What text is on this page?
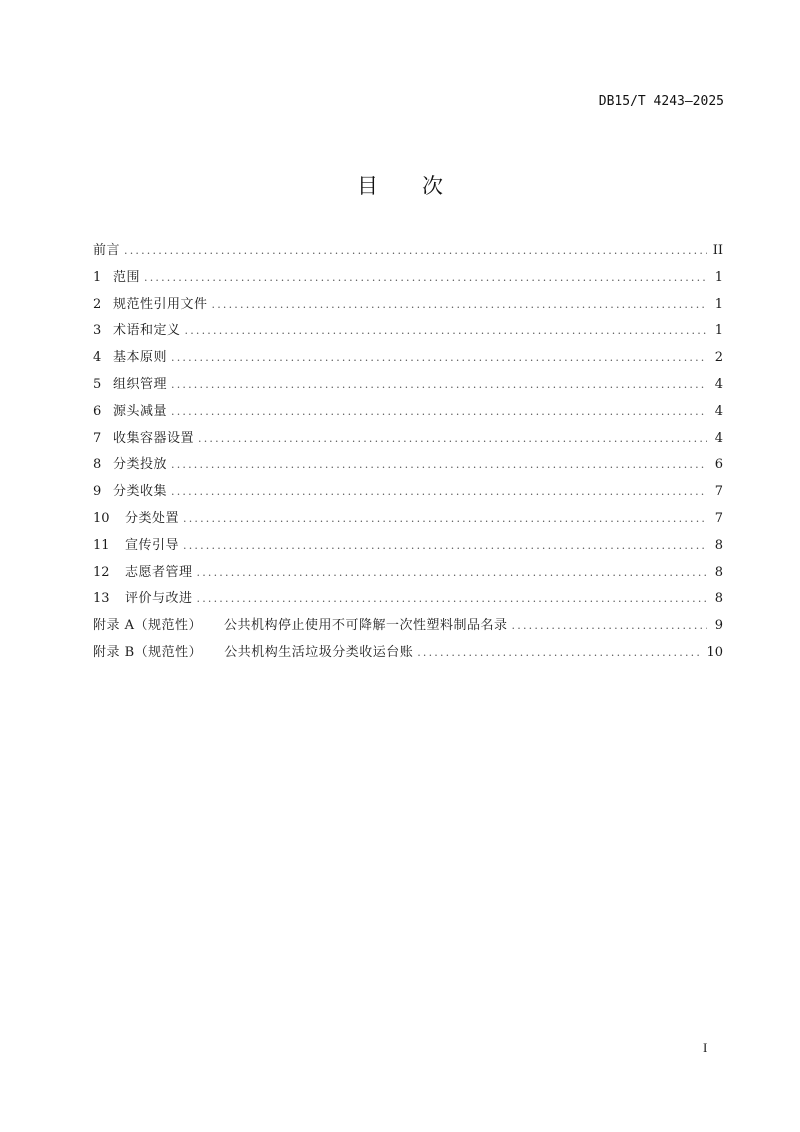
DB15/T 4243—2025
目 次
前言 .....	II
1 范围 .....	1
2 规范性引用文件 .....	1
3 术语和定义 .....	1
4 基本原则 .....	2
5 组织管理 .....	4
6 源头减量 .....	4
7 收集容器设置 .....	4
8 分类投放 .....	6
9 分类收集 .....	7
10	分类处置 .....	7
11	宣传引导 .....	8
12	志愿者管理 .....	8
13	评价与改进 .....	8
附录 A（规范性） 公共机构停止使用不可降解一次性塑料制品名录 .....	9
附录 B（规范性） 公共机构生活垃圾分类收运台账 .....	10
I
